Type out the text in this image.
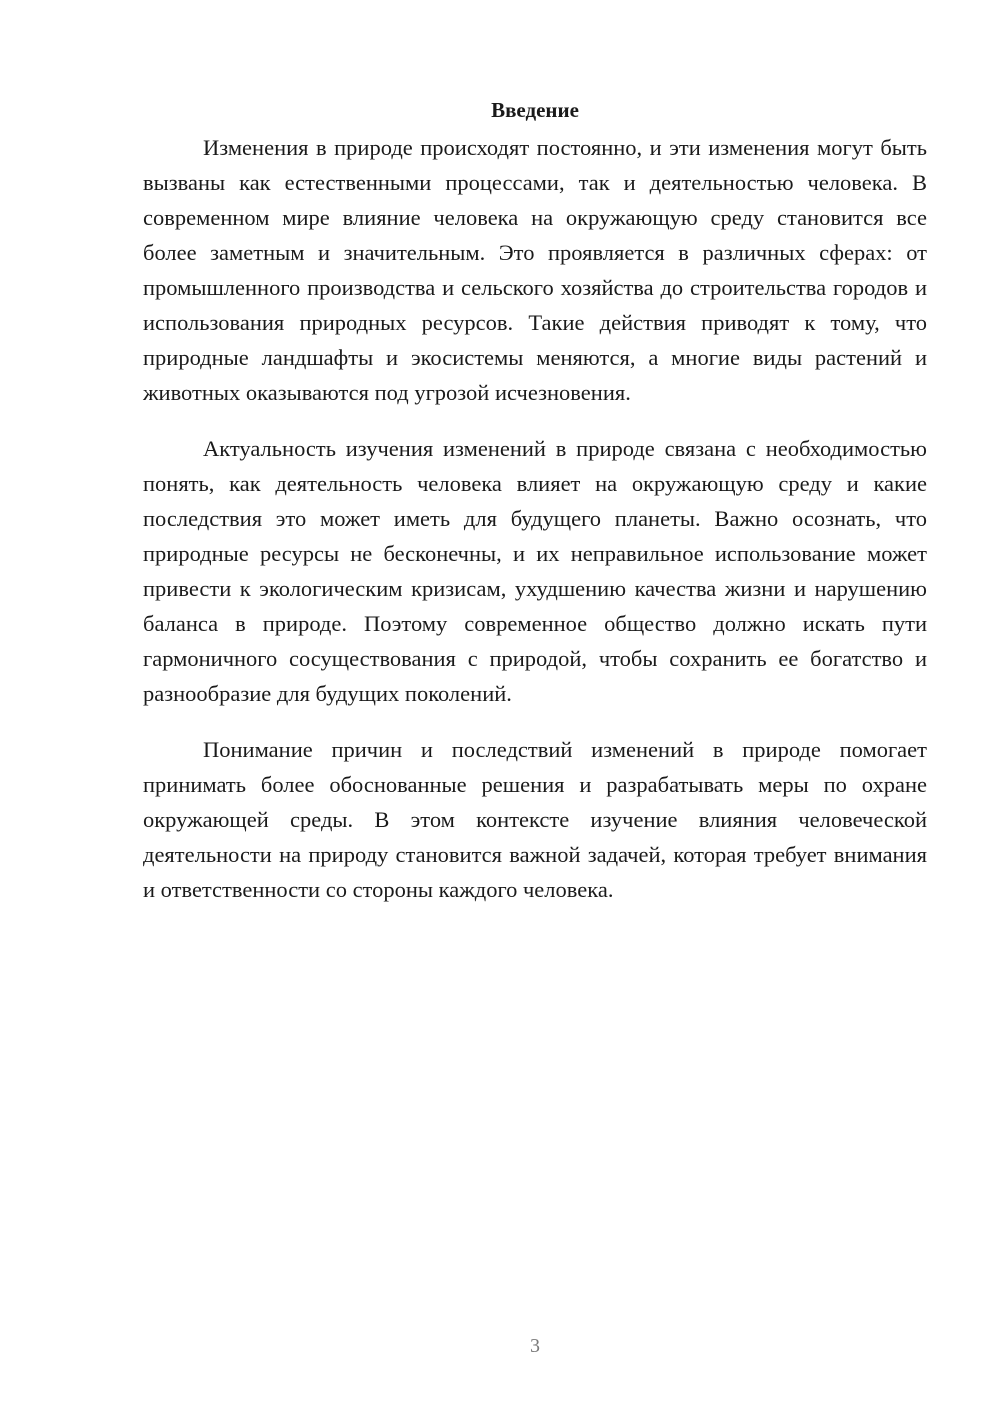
Введение

Изменения в природе происходят постоянно, и эти изменения могут быть вызваны как естественными процессами, так и деятельностью человека. В современном мире влияние человека на окружающую среду становится все более заметным и значительным. Это проявляется в различных сферах: от промышленного производства и сельского хозяйства до строительства городов и использования природных ресурсов. Такие действия приводят к тому, что природные ландшафты и экосистемы меняются, а многие виды растений и животных оказываются под угрозой исчезновения.

Актуальность изучения изменений в природе связана с необходимостью понять, как деятельность человека влияет на окружающую среду и какие последствия это может иметь для будущего планеты. Важно осознать, что природные ресурсы не бесконечны, и их неправильное использование может привести к экологическим кризисам, ухудшению качества жизни и нарушению баланса в природе. Поэтому современное общество должно искать пути гармоничного сосуществования с природой, чтобы сохранить ее богатство и разнообразие для будущих поколений.

Понимание причин и последствий изменений в природе помогает принимать более обоснованные решения и разрабатывать меры по охране окружающей среды. В этом контексте изучение влияния человеческой деятельности на природу становится важной задачей, которая требует внимания и ответственности со стороны каждого человека.

3
